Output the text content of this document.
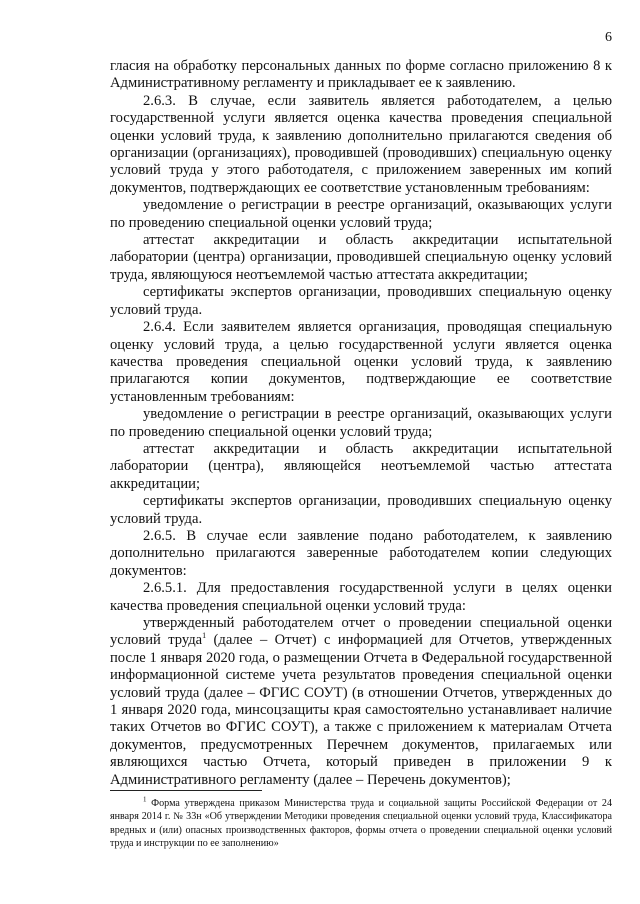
6

гласия на обработку персональных данных по форме согласно приложению 8 к Административному регламенту и прикладывает ее к заявлению.

2.6.3. В случае, если заявитель является работодателем, а целью государственной услуги является оценка качества проведения специальной оценки условий труда, к заявлению дополнительно прилагаются сведения об организации (организациях), проводившей (проводивших) специальную оценку условий труда у этого работодателя, с приложением заверенных им копий документов, подтверждающих ее соответствие установленным требованиям:

уведомление о регистрации в реестре организаций, оказывающих услуги по проведению специальной оценки условий труда;

аттестат аккредитации и область аккредитации испытательной лаборатории (центра) организации, проводившей специальную оценку условий труда, являющуюся неотъемлемой частью аттестата аккредитации;

сертификаты экспертов организации, проводивших специальную оценку условий труда.

2.6.4. Если заявителем является организация, проводящая специальную оценку условий труда, а целью государственной услуги является оценка качества проведения специальной оценки условий труда, к заявлению прилагаются копии документов, подтверждающие ее соответствие установленным требованиям:

уведомление о регистрации в реестре организаций, оказывающих услуги по проведению специальной оценки условий труда;

аттестат аккредитации и область аккредитации испытательной лаборатории (центра), являющейся неотъемлемой частью аттестата аккредитации;

сертификаты экспертов организации, проводивших специальную оценку условий труда.

2.6.5. В случае если заявление подано работодателем, к заявлению дополнительно прилагаются заверенные работодателем копии следующих документов:

2.6.5.1. Для предоставления государственной услуги в целях оценки качества проведения специальной оценки условий труда:

утвержденный работодателем отчет о проведении специальной оценки условий труда$^1$ (далее – Отчет) с информацией для Отчетов, утвержденных после 1 января 2020 года, о размещении Отчета в Федеральной государственной информационной системе учета результатов проведения специальной оценки условий труда (далее – ФГИС СОУТ) (в отношении Отчетов, утвержденных до 1 января 2020 года, минсоцзащиты края самостоятельно устанавливает наличие таких Отчетов во ФГИС СОУТ), а также с приложением к материалам Отчета документов, предусмотренных Перечнем документов, прилагаемых или являющихся частью Отчета, который приведен в приложении 9 к Административного регламенту (далее – Перечень документов);

$^1$ Форма утверждена приказом Министерства труда и социальной защиты Российской Федерации от 24 января 2014 г. № 33н «Об утверждении Методики проведения специальной оценки условий труда, Классификатора вредных и (или) опасных производственных факторов, формы отчета о проведении специальной оценки условий труда и инструкции по ее заполнению»
